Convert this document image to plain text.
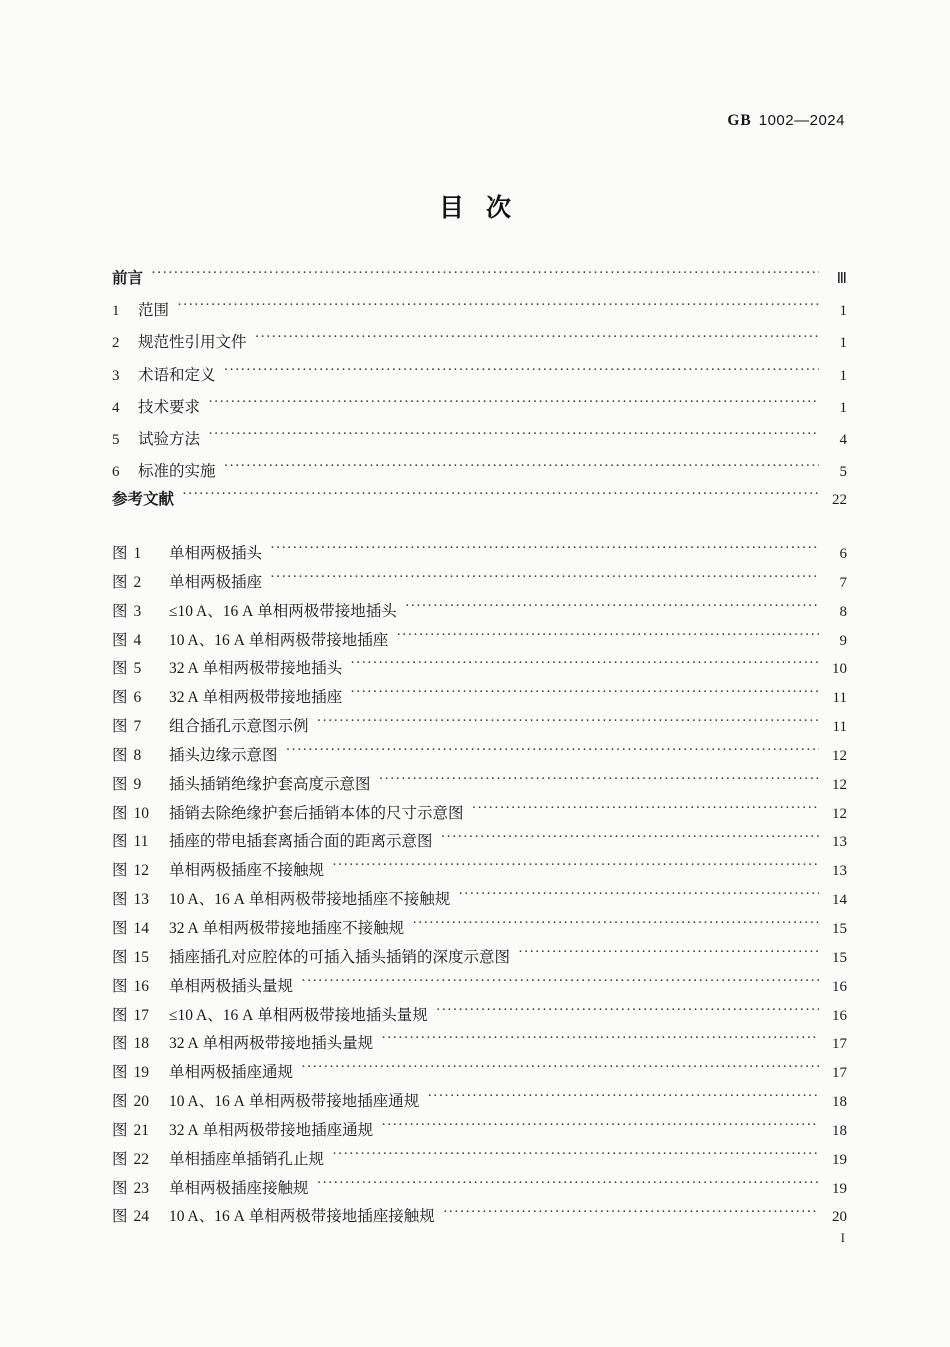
GB 1002—2024
目次
前言 ·····	Ⅲ
1	范围 ·····	1
2	规范性引用文件 ·····	1
3	术语和定义 ·····	1
4	技术要求 ·····	1
5	试验方法 ·····	4
6	标准的实施 ·····	5
参考文献 ·····	22
图 1	单相两极插头 ·····	6
图 2	单相两极插座 ·····	7
图 3	≤10 A、16 A 单相两极带接地插头 ·····	8
图 4	10 A、16 A 单相两极带接地插座 ·····	9
图 5	32 A 单相两极带接地插头 ·····	10
图 6	32 A 单相两极带接地插座 ·····	11
图 7	组合插孔示意图示例 ·····	11
图 8	插头边缘示意图 ·····	12
图 9	插头插销绝缘护套高度示意图 ·····	12
图 10	插销去除绝缘护套后插销本体的尺寸示意图 ·····	12
图 11	插座的带电插套离插合面的距离示意图 ·····	13
图 12	单相两极插座不接触规 ·····	13
图 13	10 A、16 A 单相两极带接地插座不接触规 ·····	14
图 14	32 A 单相两极带接地插座不接触规 ·····	15
图 15	插座插孔对应腔体的可插入插头插销的深度示意图 ·····	15
图 16	单相两极插头量规 ·····	16
图 17	≤10 A、16 A 单相两极带接地插头量规 ·····	16
图 18	32 A 单相两极带接地插头量规 ·····	17
图 19	单相两极插座通规 ·····	17
图 20	10 A、16 A 单相两极带接地插座通规 ·····	18
图 21	32 A 单相两极带接地插座通规 ·····	18
图 22	单相插座单插销孔止规 ·····	19
图 23	单相两极插座接触规 ·····	19
图 24	10 A、16 A 单相两极带接地插座接触规 ·····	20
I
